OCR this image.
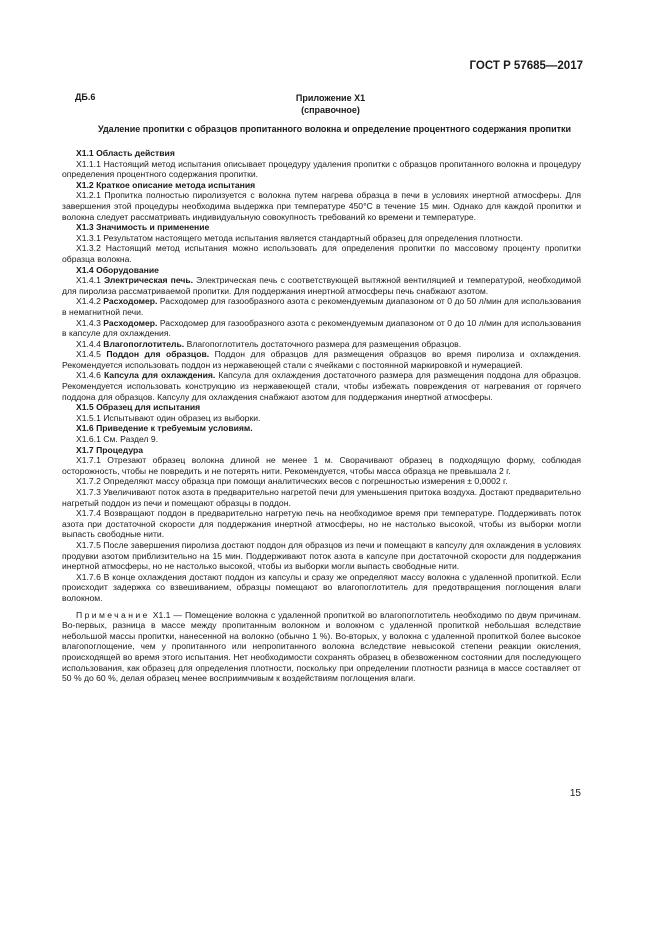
ГОСТ Р 57685—2017
ДБ.6	Приложение Х1
(справочное)
Удаление пропитки с образцов пропитанного волокна и определение процентного содержания пропитки

Х1.1 Область действия

Х1.1.1 Настоящий метод испытания описывает процедуру удаления пропитки с образцов пропитанного волокна и процедуру определения процентного содержания пропитки.

Х1.2 Краткое описание метода испытания

Х1.2.1 Пропитка полностью пиролизуется с волокна путем нагрева образца в печи в условиях инертной атмосферы. Для завершения этой процедуры необходима выдержка при температуре 450°С в течение 15 мин. Однако для каждой пропитки и волокна следует рассматривать индивидуальную совокупность требований ко времени и температуре.

Х1.3 Значимость и применение

Х1.3.1 Результатом настоящего метода испытания является стандартный образец для определения плотности.

Х1.3.2 Настоящий метод испытания можно использовать для определения пропитки по массовому проценту пропитки образца волокна.

Х1.4 Оборудование

Х1.4.1 Электрическая печь. Электрическая печь с соответствующей вытяжной вентиляцией и температурой, необходимой для пиролиза рассматриваемой пропитки. Для поддержания инертной атмосферы печь снабжают азотом.

Х1.4.2 Расходомер. Расходомер для газообразного азота с рекомендуемым диапазоном от 0 до 50 л/мин для использования в немагнитной печи.

Х1.4.3 Расходомер. Расходомер для газообразного азота с рекомендуемым диапазоном от 0 до 10 л/мин для использования в капсуле для охлаждения.

Х1.4.4 Влагопоглотитель. Влагопоглотитель достаточного размера для размещения образцов.

Х1.4.5 Поддон для образцов. Поддон для образцов для размещения образцов во время пиролиза и охлаждения. Рекомендуется использовать поддон из нержавеющей стали с ячейками с постоянной маркировкой и нумерацией.

Х1.4.6 Капсула для охлаждения. Капсула для охлаждения достаточного размера для размещения поддона для образцов. Рекомендуется использовать конструкцию из нержавеющей стали, чтобы избежать повреждения от нагревания от горячего поддона для образцов. Капсулу для охлаждения снабжают азотом для поддержания инертной атмосферы.

Х1.5 Образец для испытания

Х1.5.1 Испытывают один образец из выборки.

Х1.6 Приведение к требуемым условиям.

Х1.6.1 См. Раздел 9.

Х1.7 Процедура

Х1.7.1 Отрезают образец волокна длиной не менее 1 м. Сворачивают образец в подходящую форму, соблюдая осторожность, чтобы не повредить и не потерять нити. Рекомендуется, чтобы масса образца не превышала 2 г.

Х1.7.2 Определяют массу образца при помощи аналитических весов с погрешностью измерения ± 0,0002 г.

Х1.7.3 Увеличивают поток азота в предварительно нагретой печи для уменьшения притока воздуха. Достают предварительно нагретый поддон из печи и помещают образцы в поддон.

Х1.7.4 Возвращают поддон в предварительно нагретую печь на необходимое время при температуре. Поддерживать поток азота при достаточной скорости для поддержания инертной атмосферы, но не настолько высокой, чтобы из выборки могли выпасть свободные нити.

Х1.7.5 После завершения пиролиза достают поддон для образцов из печи и помещают в капсулу для охлаждения в условиях продувки азотом приблизительно на 15 мин. Поддерживают поток азота в капсуле при достаточной скорости для поддержания инертной атмосферы, но не настолько высокой, чтобы из выборки могли выпасть свободные нити.

Х1.7.6 В конце охлаждения достают поддон из капсулы и сразу же определяют массу волокна с удаленной пропиткой. Если происходит задержка со взвешиванием, образцы помещают во влагопоглотитель для предотвращения поглощения влаги волокном.

Примечание Х1.1 — Помещение волокна с удаленной пропиткой во влагопоглотитель необходимо по двум причинам. Во-первых, разница в массе между пропитанным волокном и волокном с удаленной пропиткой небольшая вследствие небольшой массы пропитки, нанесенной на волокно (обычно 1 %). Во-вторых, у волокна с удаленной пропиткой более высокое влагопоглощение, чем у пропитанного или непропитанного волокна вследствие невысокой степени реакции окисления, происходящей во время этого испытания. Нет необходимости сохранять образец в обезвоженном состоянии для последующего использования, как образец для определения плотности, поскольку при определении плотности разница в массе составляет от 50 % до 60 %, делая образец менее восприимчивым к воздействиям поглощения влаги.

15
